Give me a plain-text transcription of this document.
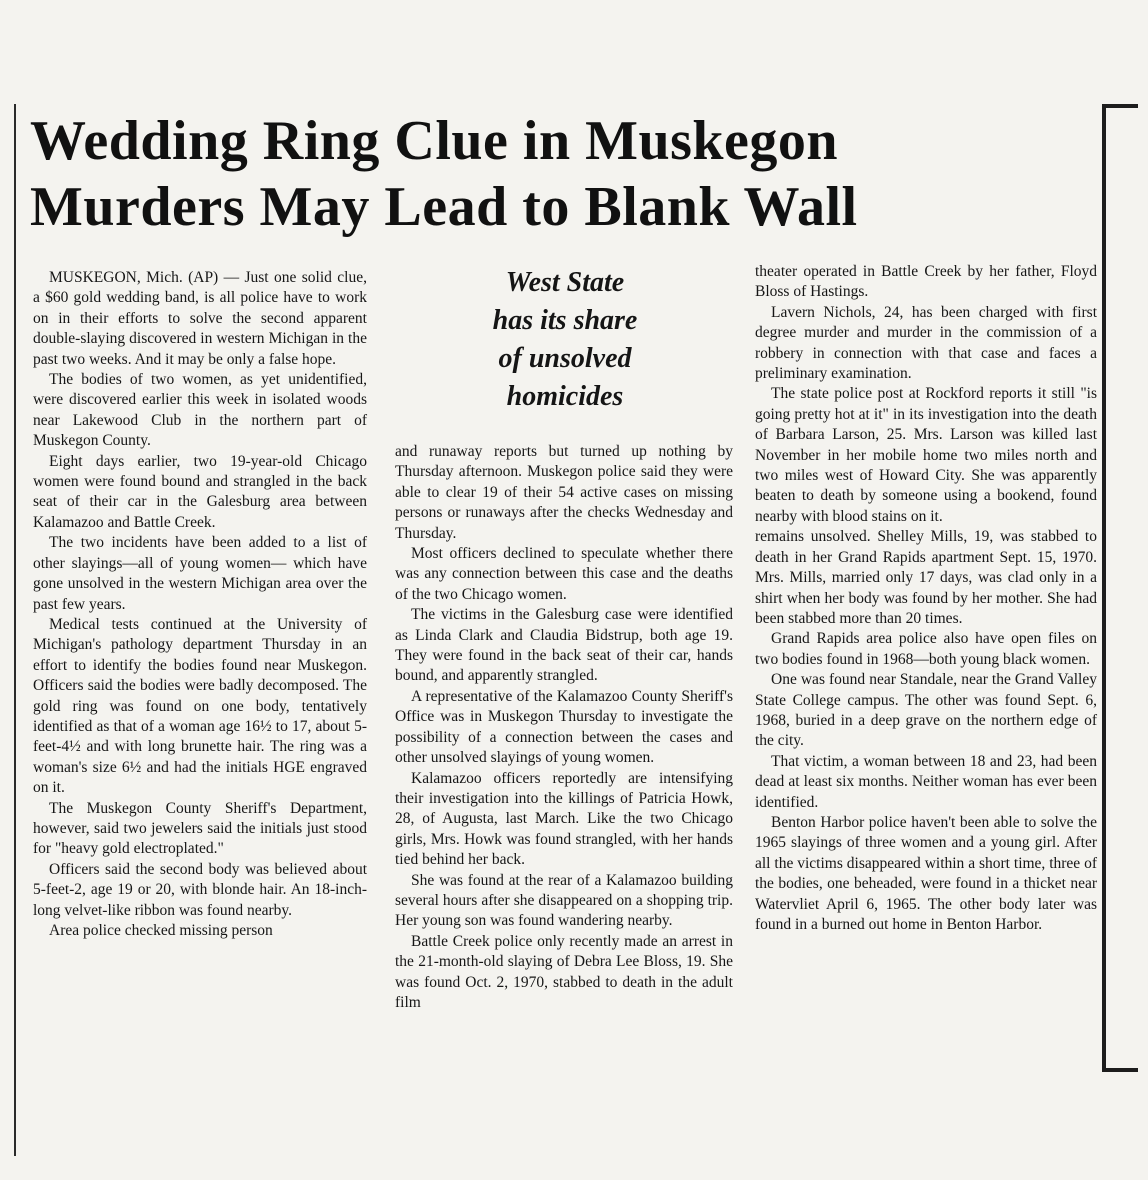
Wedding Ring Clue in Muskegon
Murders May Lead to Blank Wall
West State
has its share
of unsolved
homicides

MUSKEGON, Mich. (AP) — Just one solid clue, a $60 gold wedding band, is all police have to work on in their efforts to solve the second apparent double-slaying discovered in western Michigan in the past two weeks. And it may be only a false hope.

The bodies of two women, as yet unidentified, were discovered earlier this week in isolated woods near Lakewood Club in the northern part of Muskegon County.

Eight days earlier, two 19-year-old Chicago women were found bound and strangled in the back seat of their car in the Galesburg area between Kalamazoo and Battle Creek.

The two incidents have been added to a list of other slayings—all of young women— which have gone unsolved in the western Michigan area over the past few years.

Medical tests continued at the University of Michigan's pathology department Thursday in an effort to identify the bodies found near Muskegon. Officers said the bodies were badly decomposed. The gold ring was found on one body, tentatively identified as that of a woman age 16½ to 17, about 5-feet-4½ and with long brunette hair. The ring was a woman's size 6½ and had the initials HGE engraved on it.

The Muskegon County Sheriff's Department, however, said two jewelers said the initials just stood for "heavy gold electroplated."

Officers said the second body was believed about 5-feet-2, age 19 or 20, with blonde hair. An 18-inch-long velvet-like ribbon was found nearby.

Area police checked missing person

and runaway reports but turned up nothing by Thursday afternoon. Muskegon police said they were able to clear 19 of their 54 active cases on missing persons or runaways after the checks Wednesday and Thursday.

Most officers declined to speculate whether there was any connection between this case and the deaths of the two Chicago women.

The victims in the Galesburg case were identified as Linda Clark and Claudia Bidstrup, both age 19. They were found in the back seat of their car, hands bound, and apparently strangled.

A representative of the Kalamazoo County Sheriff's Office was in Muskegon Thursday to investigate the possibility of a connection between the cases and other unsolved slayings of young women.

Kalamazoo officers reportedly are intensifying their investigation into the killings of Patricia Howk, 28, of Augusta, last March. Like the two Chicago girls, Mrs. Howk was found strangled, with her hands tied behind her back.

She was found at the rear of a Kalamazoo building several hours after she disappeared on a shopping trip. Her young son was found wandering nearby.

Battle Creek police only recently made an arrest in the 21-month-old slaying of Debra Lee Bloss, 19. She was found Oct. 2, 1970, stabbed to death in the adult film

theater operated in Battle Creek by her father, Floyd Bloss of Hastings.

Lavern Nichols, 24, has been charged with first degree murder and murder in the commission of a robbery in connection with that case and faces a preliminary examination.

The state police post at Rockford reports it still "is going pretty hot at it" in its investigation into the death of Barbara Larson, 25. Mrs. Larson was killed last November in her mobile home two miles north and two miles west of Howard City. She was apparently beaten to death by someone using a bookend, found nearby with blood stains on it.

remains unsolved. Shelley Mills, 19, was stabbed to death in her Grand Rapids apartment Sept. 15, 1970. Mrs. Mills, married only 17 days, was clad only in a shirt when her body was found by her mother. She had been stabbed more than 20 times.

Grand Rapids area police also have open files on two bodies found in 1968—both young black women.

One was found near Standale, near the Grand Valley State College campus. The other was found Sept. 6, 1968, buried in a deep grave on the northern edge of the city.

That victim, a woman between 18 and 23, had been dead at least six months. Neither woman has ever been identified.

Benton Harbor police haven't been able to solve the 1965 slayings of three women and a young girl. After all the victims disappeared within a short time, three of the bodies, one beheaded, were found in a thicket near Watervliet April 6, 1965. The other body later was found in a burned out home in Benton Harbor.
